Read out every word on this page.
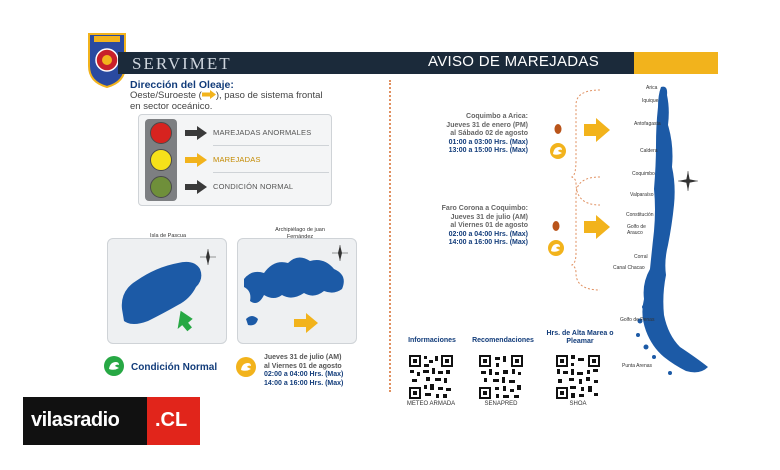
SERVIMET	AVISO DE MAREJADAS
Dirección del Oleaje:
Oeste/Suroeste ( ), paso de sistema frontal en sector oceánico.
MAREJADAS ANORMALES
MAREJADAS
CONDICIÓN NORMAL
Isla de Pascua
Archipiélago de juan Fernández
Condición Normal
Jueves 31 de julio (AM)
al Viernes 01 de agosto
02:00 a 04:00 Hrs. (Max)
14:00 a 16:00 Hrs. (Max)
Coquimbo a Arica:
Jueves 31 de enero (PM)
al Sábado 02 de agosto
01:00 a 03:00 Hrs. (Max)
13:00 a 15:00 Hrs. (Max)
Faro Corona a Coquimbo:
Jueves 31 de julio (AM)
al Viernes 01 de agosto
02:00 a 04:00 Hrs. (Max)
14:00 a 16:00 Hrs. (Max)
Arica
Iquique
Antofagasta
Caldera
Coquimbo
Valparaíso
Constitución
Golfo de Arauco
Corral
Canal Chacao
Golfo de Penas
Punta Arenas
Informaciones	Recomendaciones
Hrs. de Alta Marea o Pleamar
METEO ARMADA	SENAPRED	SHOA
vilasradio .CL
